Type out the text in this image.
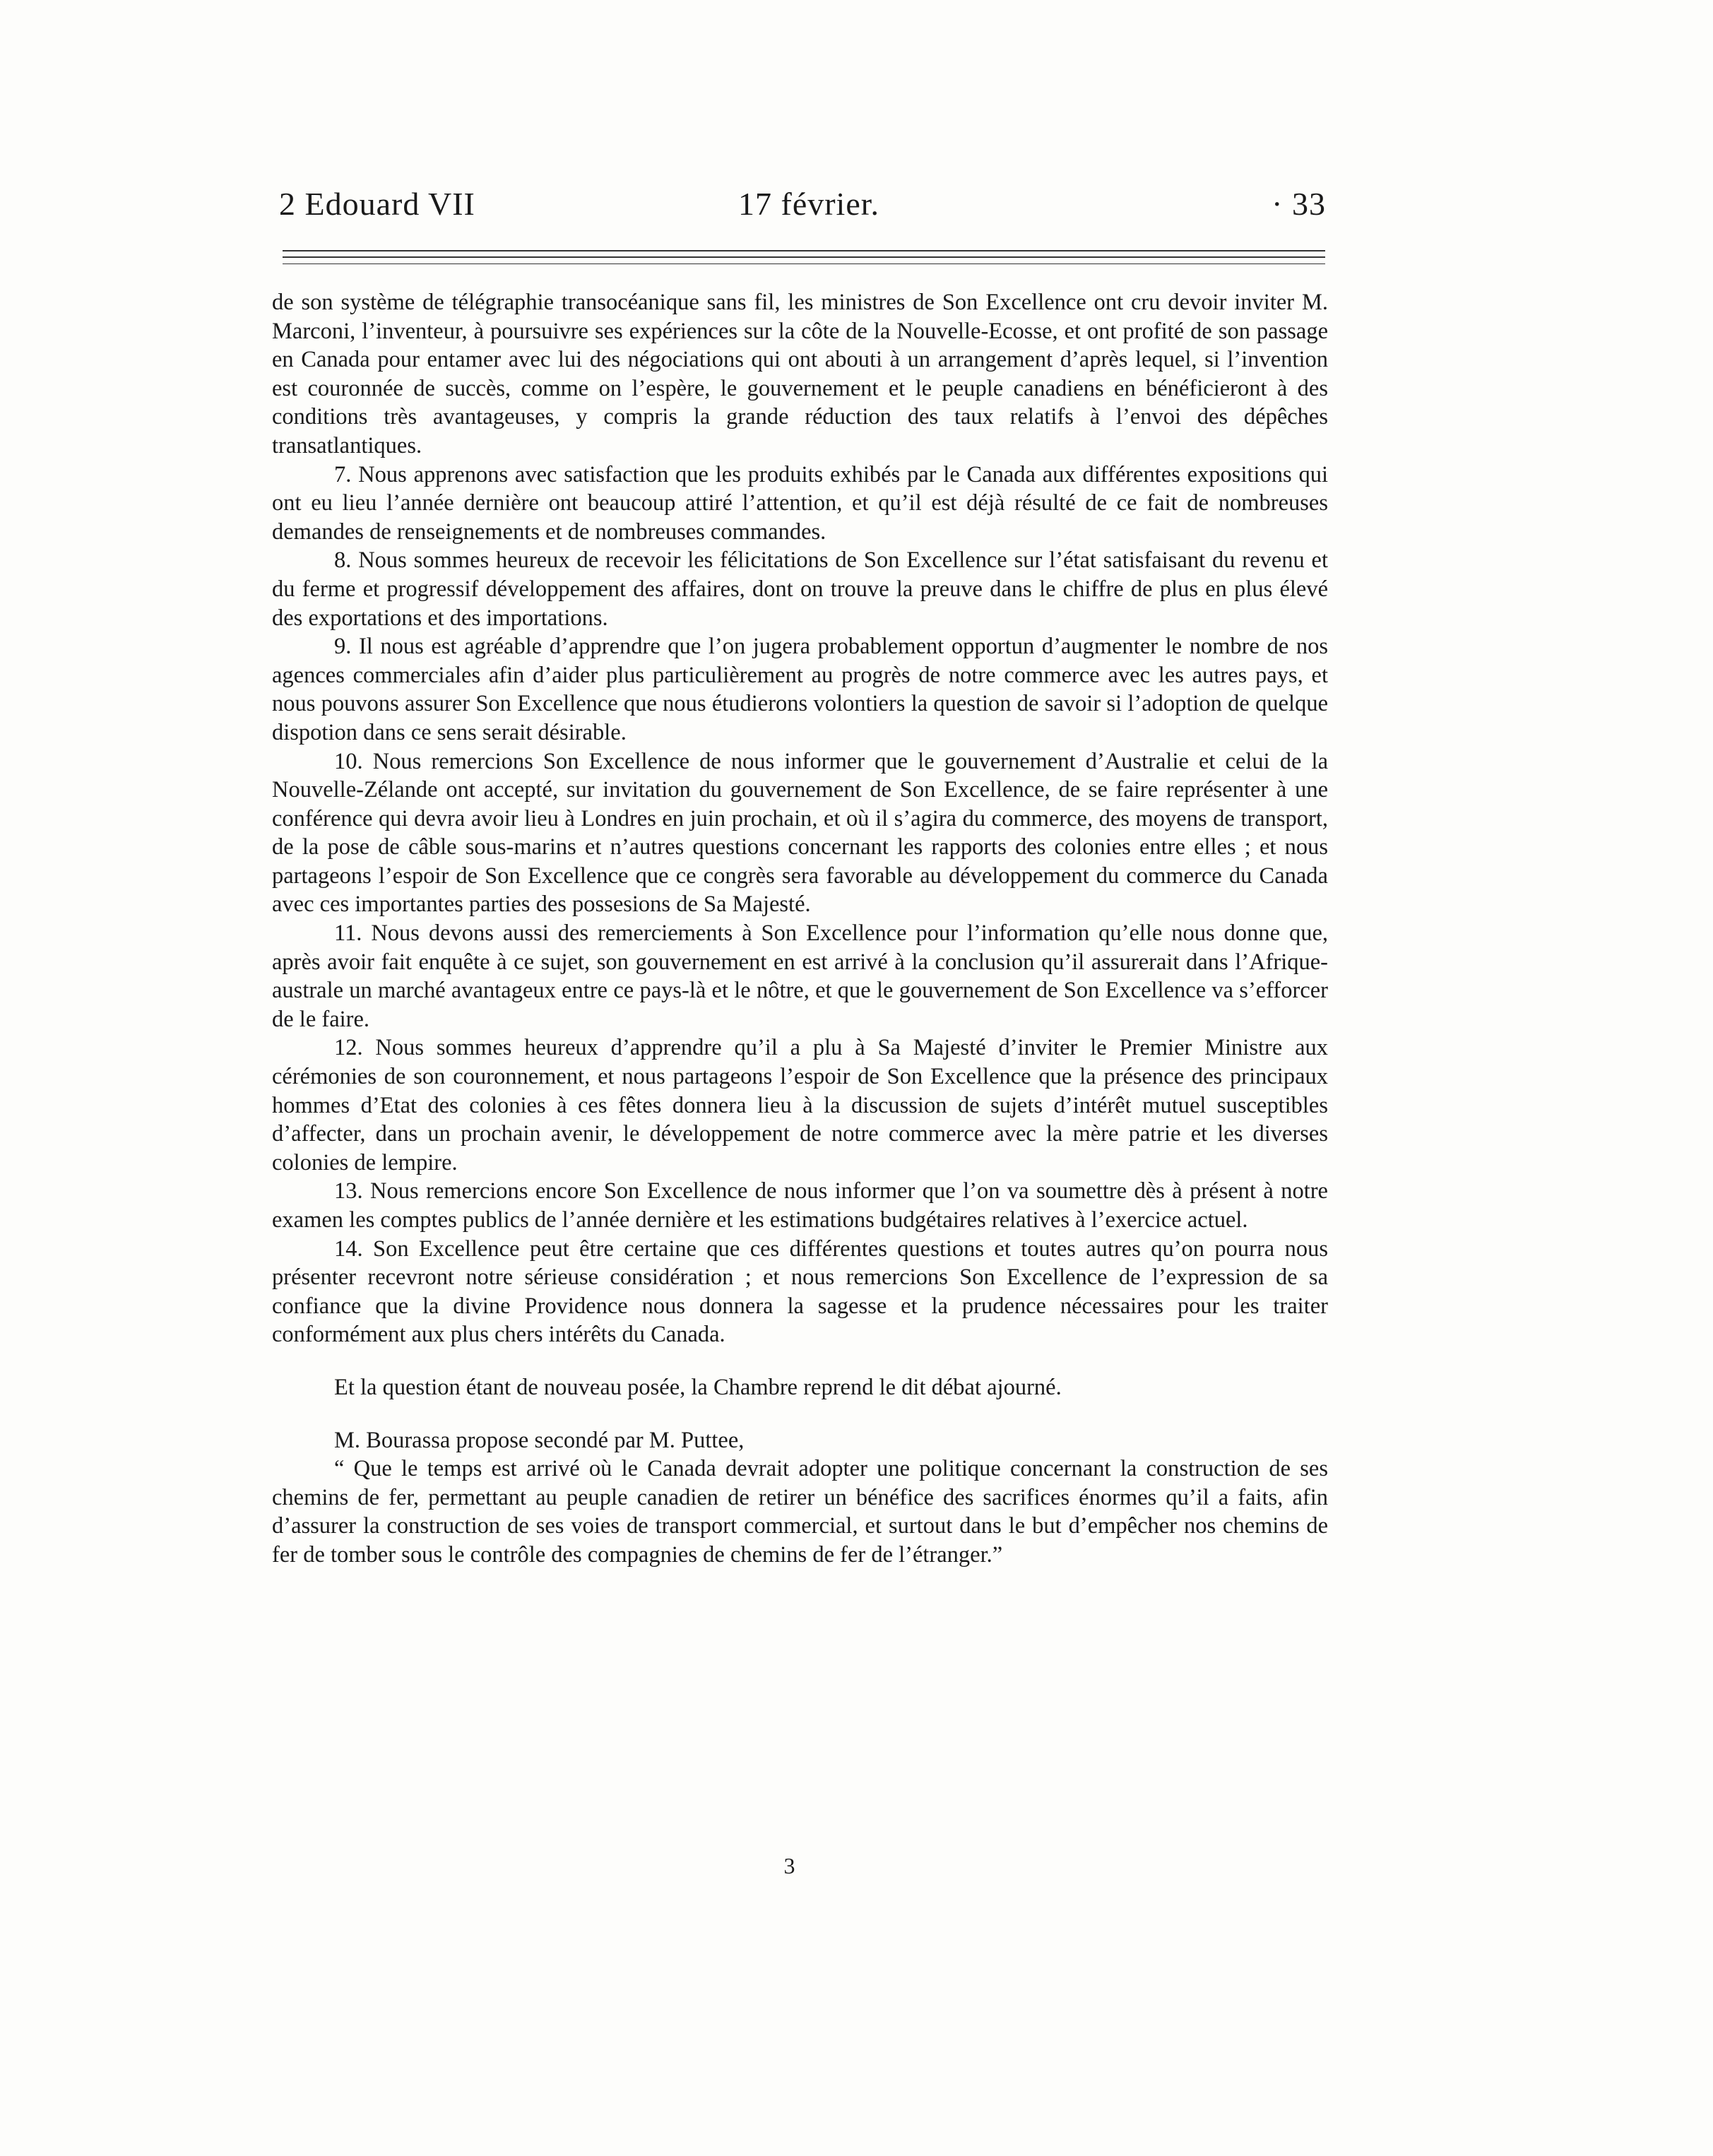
2 Edouard VII	17 février.	· 33

de son système de télégraphie transocéanique sans fil, les ministres de Son Excellence ont cru devoir inviter M. Marconi, l’inventeur, à poursuivre ses expériences sur la côte de la Nouvelle-Ecosse, et ont profité de son passage en Canada pour entamer avec lui des négociations qui ont abouti à un arrangement d’après lequel, si l’invention est couronnée de succès, comme on l’espère, le gouvernement et le peuple canadiens en bénéficieront à des conditions très avantageuses, y compris la grande réduction des taux relatifs à l’envoi des dépêches transatlantiques.

7. Nous apprenons avec satisfaction que les produits exhibés par le Canada aux différentes expositions qui ont eu lieu l’année dernière ont beaucoup attiré l’attention, et qu’il est déjà résulté de ce fait de nombreuses demandes de renseignements et de nombreuses commandes.

8. Nous sommes heureux de recevoir les félicitations de Son Excellence sur l’état satisfaisant du revenu et du ferme et progressif développement des affaires, dont on trouve la preuve dans le chiffre de plus en plus élevé des exportations et des importations.

9. Il nous est agréable d’apprendre que l’on jugera probablement opportun d’augmenter le nombre de nos agences commerciales afin d’aider plus particulièrement au progrès de notre commerce avec les autres pays, et nous pouvons assurer Son Excellence que nous étudierons volontiers la question de savoir si l’adoption de quelque dispotion dans ce sens serait désirable.

10. Nous remercions Son Excellence de nous informer que le gouvernement d’Australie et celui de la Nouvelle-Zélande ont accepté, sur invitation du gouvernement de Son Excellence, de se faire représenter à une conférence qui devra avoir lieu à Londres en juin prochain, et où il s’agira du commerce, des moyens de transport, de la pose de câble sous-marins et n’autres questions concernant les rapports des colonies entre elles ; et nous partageons l’espoir de Son Excellence que ce congrès sera favorable au développement du commerce du Canada avec ces importantes parties des possesions de Sa Majesté.

11. Nous devons aussi des remerciements à Son Excellence pour l’information qu’elle nous donne que, après avoir fait enquête à ce sujet, son gouvernement en est arrivé à la conclusion qu’il assurerait dans l’Afrique-australe un marché avantageux entre ce pays-là et le nôtre, et que le gouvernement de Son Excellence va s’efforcer de le faire.

12. Nous sommes heureux d’apprendre qu’il a plu à Sa Majesté d’inviter le Premier Ministre aux cérémonies de son couronnement, et nous partageons l’espoir de Son Excellence que la présence des principaux hommes d’Etat des colonies à ces fêtes donnera lieu à la discussion de sujets d’intérêt mutuel susceptibles d’affecter, dans un prochain avenir, le développement de notre commerce avec la mère patrie et les diverses colonies de lempire.

13. Nous remercions encore Son Excellence de nous informer que l’on va soumettre dès à présent à notre examen les comptes publics de l’année dernière et les estimations budgétaires relatives à l’exercice actuel.

14. Son Excellence peut être certaine que ces différentes questions et toutes autres qu’on pourra nous présenter recevront notre sérieuse considération ; et nous remercions Son Excellence de l’expression de sa confiance que la divine Providence nous donnera la sagesse et la prudence nécessaires pour les traiter conformément aux plus chers intérêts du Canada.

Et la question étant de nouveau posée, la Chambre reprend le dit débat ajourné.

M. Bourassa propose secondé par M. Puttee,

“ Que le temps est arrivé où le Canada devrait adopter une politique concernant la construction de ses chemins de fer, permettant au peuple canadien de retirer un bénéfice des sacrifices énormes qu’il a faits, afin d’assurer la construction de ses voies de transport commercial, et surtout dans le but d’empêcher nos chemins de fer de tomber sous le contrôle des compagnies de chemins de fer de l’étranger.”

3
